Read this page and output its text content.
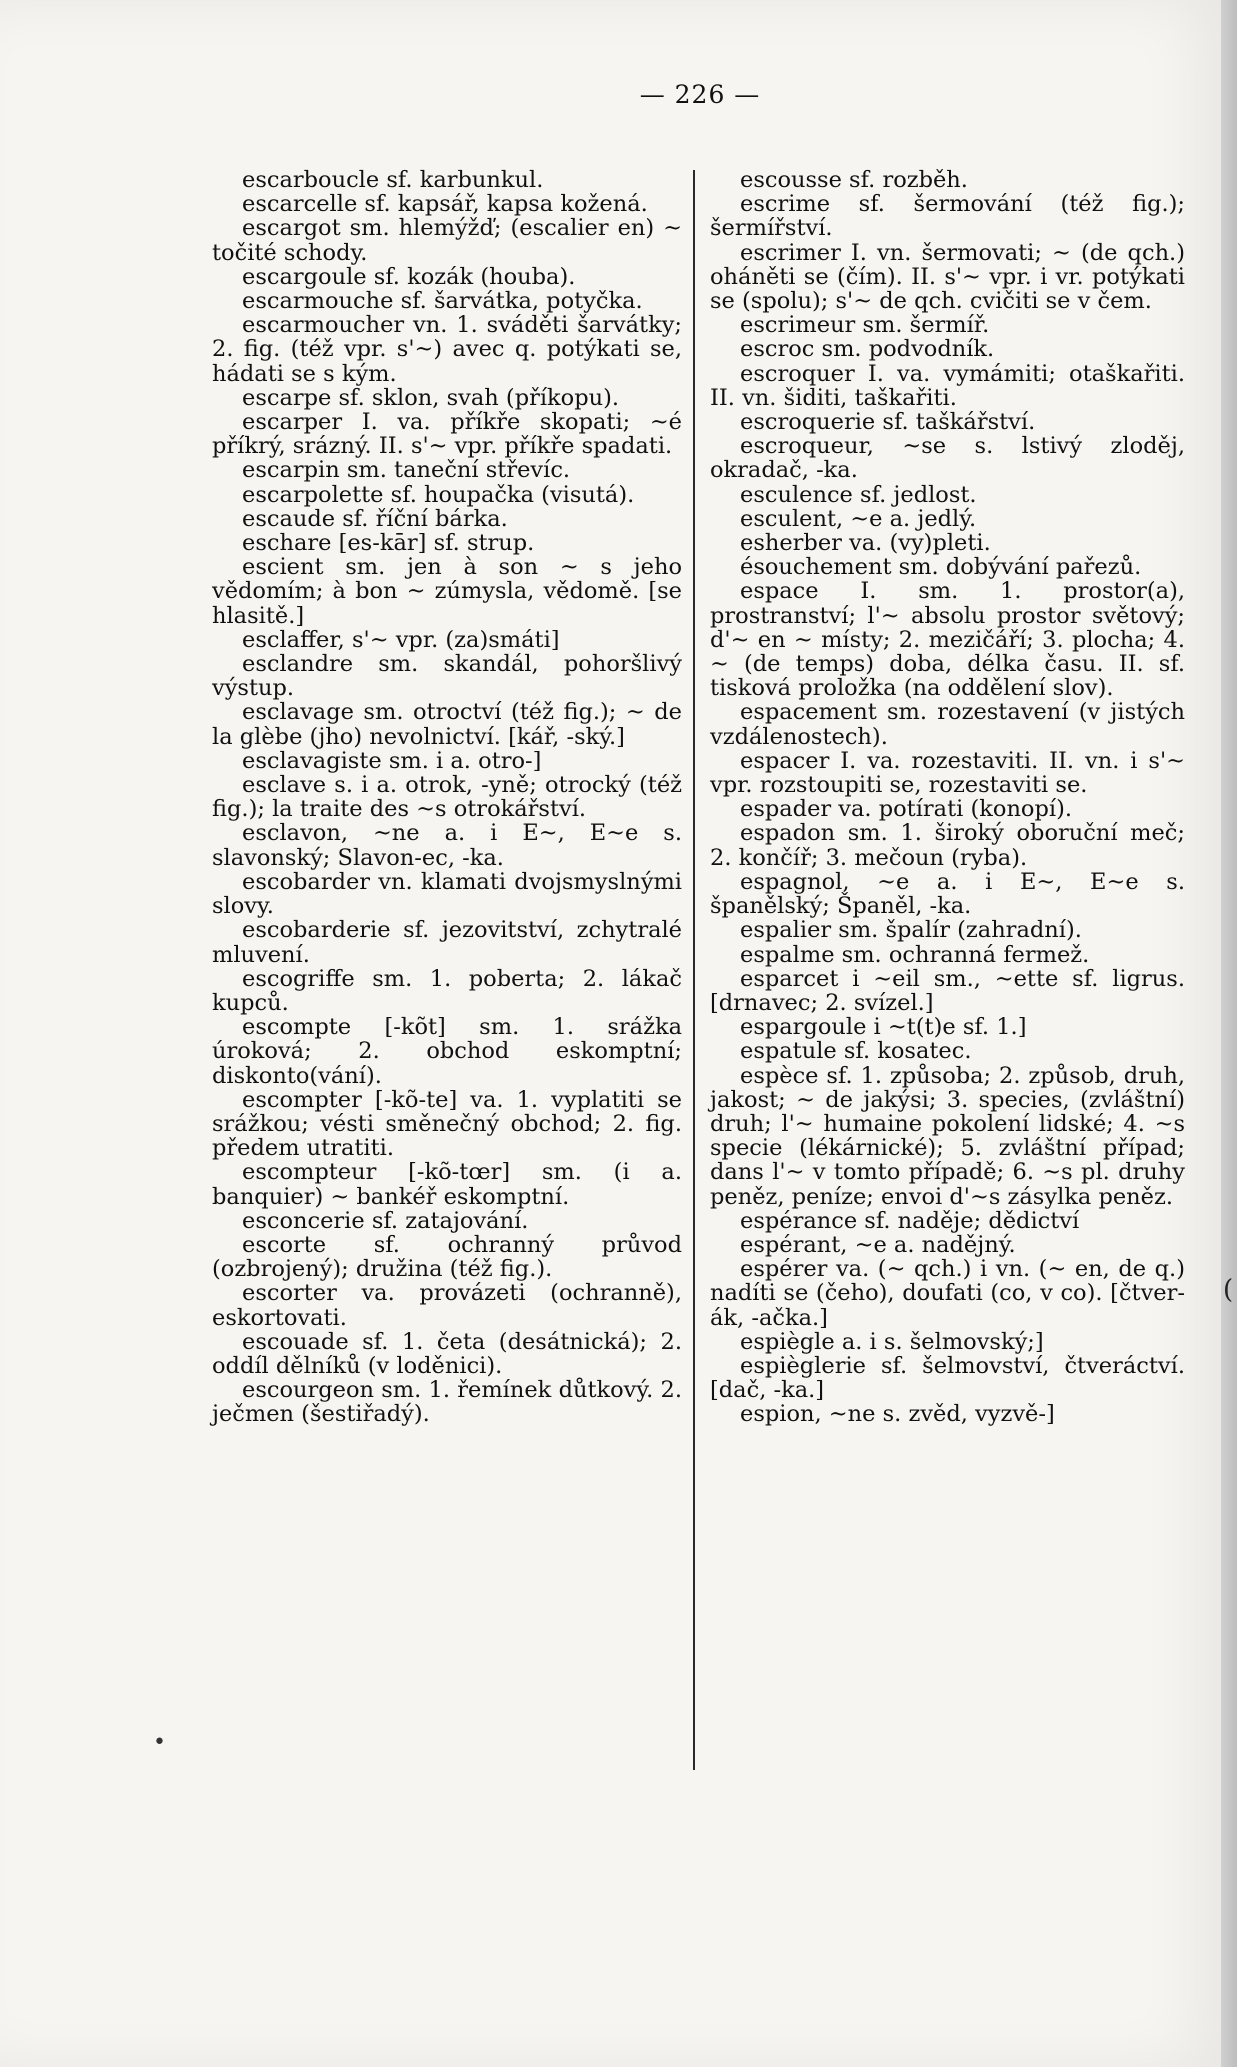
— 226 —

escarboucle sf. karbunkul.

escarcelle sf. kapsář, kapsa kožená.

escargot sm. hlemýžď; (escalier en) ~ točité schody.

escargoule sf. kozák (houba).

escarmouche sf. šarvátka, potyčka.

escarmoucher vn. 1. sváděti šarvátky; 2. fig. (též vpr. s'~) avec q. potýkati se, hádati se s kým.

escarpe sf. sklon, svah (příkopu).

escarper I. va. příkře skopati; ~é příkrý, srázný. II. s'~ vpr. příkře spadati.

escarpin sm. taneční střevíc.

escarpolette sf. houpačka (visutá).

escaude sf. říční bárka.

eschare [es-kār] sf. strup.

escient sm. jen à son ~ s jeho vědomím; à bon ~ zúmysla, vědomě. [se hlasitě.]

esclaffer, s'~ vpr. (za)smáti]

esclandre sm. skandál, pohoršlivý výstup.

esclavage sm. otroctví (též fig.); ~ de la glèbe (jho) nevolnictví. [kář, -ský.]

esclavagiste sm. i a. otro-]

esclave s. i a. otrok, -yně; otrocký (též fig.); la traite des ~s otrokářství.

esclavon, ~ne a. i E~, E~e s. slavonský; Slavon-ec, -ka.

escobarder vn. klamati dvojsmyslnými slovy.

escobarderie sf. jezovitství, zchytralé mluvení.

escogriffe sm. 1. poberta; 2. lákač kupců.

escompte [-kõt] sm. 1. srážka úroková; 2. obchod eskomptní; diskonto(vání).

escompter [-kõ-te] va. 1. vyplatiti se srážkou; vésti směnečný obchod; 2. fig. předem utratiti.

escompteur [-kõ-tœr] sm. (i a. banquier) ~ bankéř eskomptní.

esconcerie sf. zatajování.

escorte sf. ochranný průvod (ozbrojený); družina (též fig.).

escorter va. provázeti (ochranně), eskortovati.

escouade sf. 1. četa (desátnická); 2. oddíl dělníků (v loděnici).

escourgeon sm. 1. řemínek důtkový. 2. ječmen (šestiřadý).

escousse sf. rozběh.

escrime sf. šermování (též fig.); šermířství.

escrimer I. vn. šermovati; ~ (de qch.) oháněti se (čím). II. s'~ vpr. i vr. potýkati se (spolu); s'~ de qch. cvičiti se v čem.

escrimeur sm. šermíř.

escroc sm. podvodník.

escroquer I. va. vymámiti; otaškařiti. II. vn. šiditi, taškařiti.

escroquerie sf. taškářství.

escroqueur, ~se s. lstivý zloděj, okradač, -ka.

esculence sf. jedlost.

esculent, ~e a. jedlý.

esherber va. (vy)pleti.

ésouchement sm. dobývání pařezů.

espace I. sm. 1. prostor(a), prostranství; l'~ absolu prostor světový; d'~ en ~ místy; 2. mezičáří; 3. plocha; 4. ~ (de temps) doba, délka času. II. sf. tisková proložka (na oddělení slov).

espacement sm. rozestavení (v jistých vzdálenostech).

espacer I. va. rozestaviti. II. vn. i s'~ vpr. rozstoupiti se, rozestaviti se.

espader va. potírati (konopí).

espadon sm. 1. široký oboruční meč; 2. končíř; 3. mečoun (ryba).

espagnol, ~e a. i E~, E~e s. španělský; Španěl, -ka.

espalier sm. špalír (zahradní).

espalme sm. ochranná fermež.

esparcet i ~eil sm., ~ette sf. ligrus. [drnavec; 2. svízel.]

espargoule i ~t(t)e sf. 1.]

espatule sf. kosatec.

espèce sf. 1. způsoba; 2. způsob, druh, jakost; ~ de jakýsi; 3. species, (zvláštní) druh; l'~ humaine pokolení lidské; 4. ~s specie (lékárnické); 5. zvláštní případ; dans l'~ v tomto případě; 6. ~s pl. druhy peněz, peníze; envoi d'~s zásylka peněz.

espérance sf. naděje; dědictví

espérant, ~e a. nadějný.

espérer va. (~ qch.) i vn. (~ en, de q.) nadíti se (čeho), doufati (co, v co). [čtver-ák, -ačka.]

espiègle a. i s. šelmovský;]

espièglerie sf. šelmovství, čtveráctví. [dač, -ka.]

espion, ~ne s. zvěd, vyzvě-]

•
(
